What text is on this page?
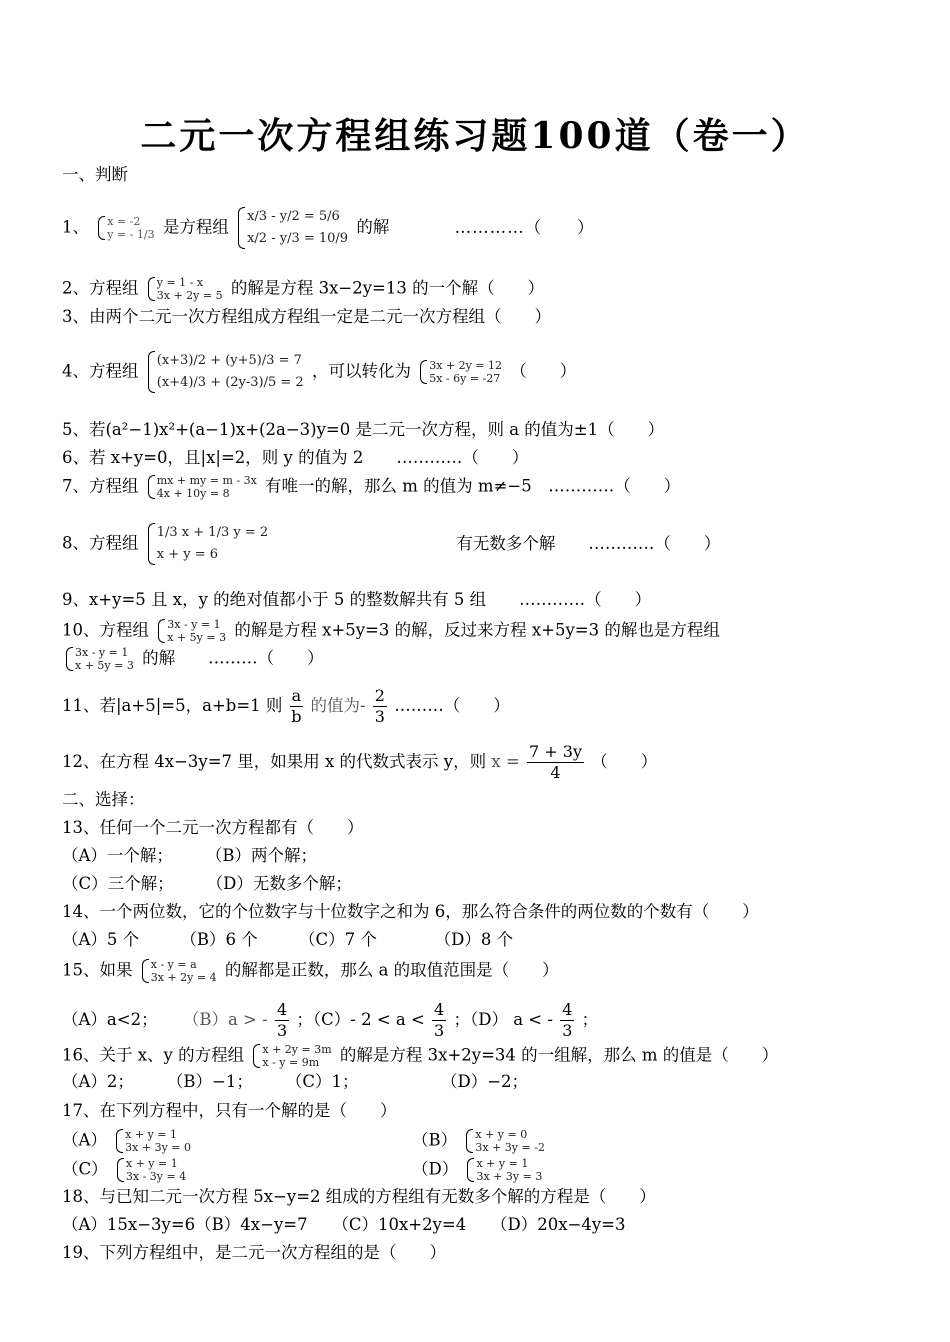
二元一次方程组练习题100道（卷一）
一、判断
1、 x = -2
y = - 1/3 是方程组
x/3 - y/2 = 5/6
x/2 - y/3 = 10/9
的解	…………（　　）
2、方程组 y = 1 - x
3x + 2y = 5 的解是方程 3x−2y=13 的一个解（　　）
3、由两个二元一次方程组成方程组一定是二元一次方程组（　　）
4、方程组
(x+3)/2 + (y+5)/3 = 7
(x+4)/3 + (2y-3)/5 = 2
，可以转化为 3x + 2y = 12
5x - 6y = -27 （　　）
5、若(a²−1)x²+(a−1)x+(2a−3)y=0 是二元一次方程，则 a 的值为±1（　　）
6、若 x+y=0，且|x|=2，则 y 的值为 2　　…………（　　）
7、方程组 mx + my = m - 3x
4x + 10y = 8	有唯一的解，那么 m 的值为 m≠−5　…………（　　）
8、方程组
1/3 x + 1/3 y = 2
x + y = 6
有无数多个解　　…………（　　）
9、x+y=5 且 x，y 的绝对值都小于 5 的整数解共有 5 组　　…………（　　）
10、方程组 3x - y = 1
x + 5y = 3 的解是方程 x+5y=3 的解，反过来方程 x+5y=3 的解也是方程组
3x - y = 1
x + 5y = 3 的解　　………（　　）
11、若|a+5|=5，a+b=1 则 $\frac{a}{b}$ 的值为- $\frac{2}{3}$ ………（　　）
12、在方程 4x−3y=7 里，如果用 x 的代数式表示 y，则 $x = \frac{7 + 3y}{4}$ （　　）
二、选择：
13、任何一个二元一次方程都有（　　）
（A）一个解；　　　（B）两个解；
（C）三个解；　　　（D）无数多个解；
14、一个两位数，它的个位数字与十位数字之和为 6，那么符合条件的两位数的个数有（　　）
（A）5 个　　　（B）6 个　　　（C）7 个　　　　（D）8 个
15、如果 x - y = a
3x + 2y = 4 的解都是正数，那么 a 的取值范围是（　　）
（A）a<2； （B）a > - $\frac{4}{3}$ ；（C）- $2 < a < \frac{4}{3}$ ；（D） a < - $\frac{4}{3}$ ；
16、关于 x、y 的方程组 x + 2y = 3m
x - y = 9m	的解是方程 3x+2y=34 的一组解，那么 m 的值是（　　）
（A）2；　　　（B）−1；　　　（C）1；　　　　　　（D）−2；
17、在下列方程中，只有一个解的是（　　）
（A） x + y = 1
3x + 3y = 0	（B） x + y = 0
3x + 3y = -2
（C） x + y = 1
3x - 3y = 4	（D） x + y = 1
3x + 3y = 3
18、与已知二元一次方程 5x−y=2 组成的方程组有无数多个解的方程是（　　）
（A）15x−3y=6（B）4x−y=7　　（C）10x+2y=4　　（D）20x−4y=3
19、下列方程组中，是二元一次方程组的是（　　）
